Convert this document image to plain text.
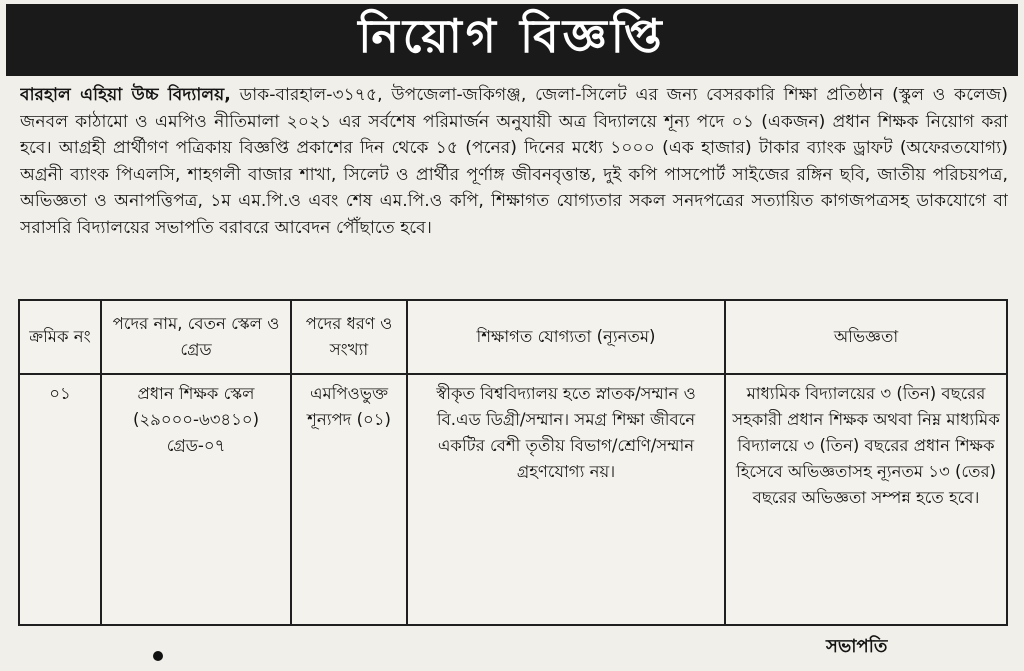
নিয়োগ বিজ্ঞপ্তি

বারহাল এহিয়া উচ্চ বিদ্যালয়, ডাক-বারহাল-৩১৭৫, উপজেলা-জকিগঞ্জ, জেলা-সিলেট এর জন্য বেসরকারি শিক্ষা প্রতিষ্ঠান (স্কুল ও কলেজ) জনবল কাঠামো ও এমপিও নীতিমালা ২০২১ এর সর্বশেষ পরিমার্জন অনুযায়ী অত্র বিদ্যালয়ে শূন্য পদে ০১ (একজন) প্রধান শিক্ষক নিয়োগ করা হবে। আগ্রহী প্রার্থীগণ পত্রিকায় বিজ্ঞপ্তি প্রকাশের দিন থেকে ১৫ (পনের) দিনের মধ্যে ১০০০ (এক হাজার) টাকার ব্যাংক ড্রাফট (অফেরতযোগ্য) অগ্রনী ব্যাংক পিএলসি, শাহগলী বাজার শাখা, সিলেট ও প্রার্থীর পূর্ণাঙ্গ জীবনবৃত্তান্ত, দুই কপি পাসপোর্ট সাইজের রঙ্গিন ছবি, জাতীয় পরিচয়পত্র, অভিজ্ঞতা ও অনাপত্তিপত্র, ১ম এম.পি.ও এবং শেষ এম.পি.ও কপি, শিক্ষাগত যোগ্যতার সকল সনদপত্রের সত্যায়িত কাগজপত্রসহ ডাকযোগে বা সরাসরি বিদ্যালয়ের সভাপতি বরাবরে আবেদন পৌঁছাতে হবে।

ক্রমিক নং	পদের নাম, বেতন স্কেল ও গ্রেড	পদের ধরণ ও সংখ্যা	শিক্ষাগত যোগ্যতা (ন্যূনতম)	অভিজ্ঞতা
০১	প্রধান শিক্ষক স্কেল (২৯০০০-৬৩৪১০) গ্রেড-০৭	এমপিওভুক্ত শূন্যপদ (০১)	স্বীকৃত বিশ্ববিদ্যালয় হতে স্নাতক/সম্মান ও বি.এড ডিগ্রী/সম্মান। সমগ্র শিক্ষা জীবনে একটির বেশী তৃতীয় বিভাগ/শ্রেণি/সম্মান গ্রহণযোগ্য নয়।	মাধ্যমিক বিদ্যালয়ের ৩ (তিন) বছরের সহকারী প্রধান শিক্ষক অথবা নিম্ন মাধ্যমিক বিদ্যালয়ে ৩ (তিন) বছরের প্রধান শিক্ষক হিসেবে অভিজ্ঞতাসহ ন্যূনতম ১৩ (তের) বছরের অভিজ্ঞতা সম্পন্ন হতে হবে।
সভাপতি
